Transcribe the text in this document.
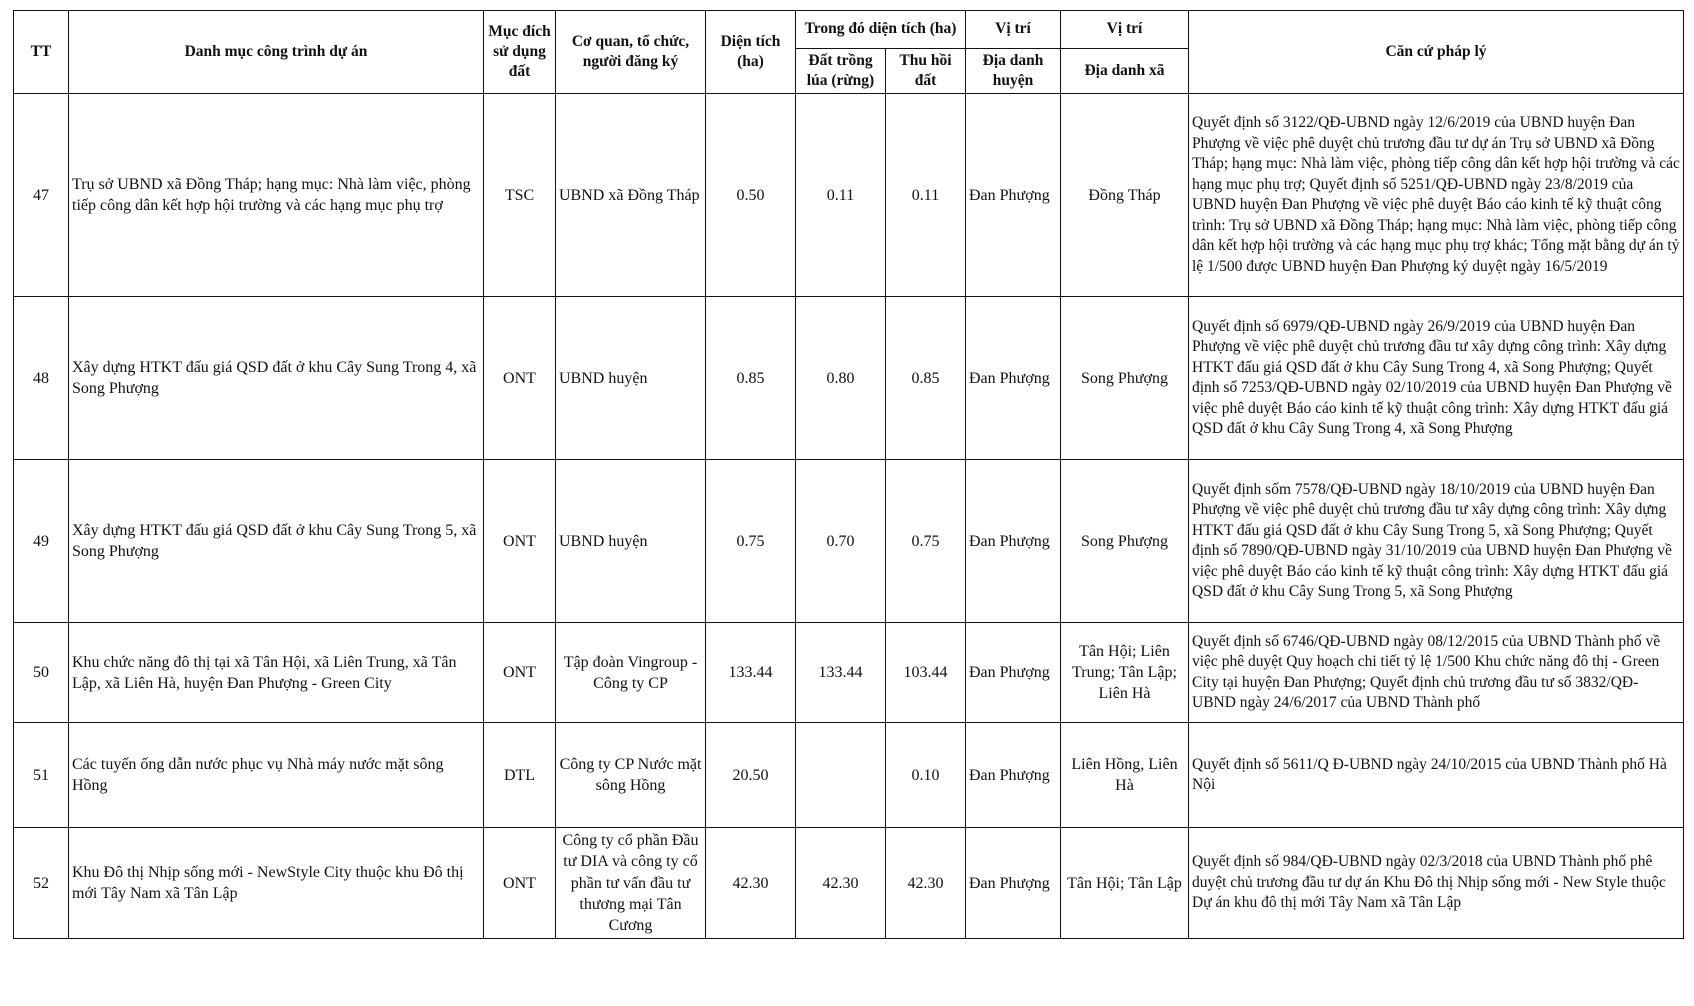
TT	Danh mục công trình dự án	Mục đích sử dụng đất	Cơ quan, tổ chức, người đăng ký	Diện tích (ha)	Trong đó diện tích (ha)		Vị trí	Vị trí	Căn cứ pháp lý
					Đất trồng lúa (rừng)	Thu hồi đất	Địa danh huyện	Địa danh xã	
47	Trụ sở UBND xã Đồng Tháp; hạng mục: Nhà làm việc, phòng tiếp công dân kết hợp hội trường và các hạng mục phụ trợ	TSC	UBND xã Đồng Tháp	0.50	0.11	0.11	Đan Phượng	Đồng Tháp	Quyết định số 3122/QĐ-UBND ngày 12/6/2019 của UBND huyện Đan Phượng về việc phê duyệt chủ trương đầu tư dự án Trụ sở UBND xã Đồng Tháp; hạng mục: Nhà làm việc, phòng tiếp công dân kết hợp hội trường và các hạng mục phụ trợ; Quyết định số 5251/QĐ-UBND ngày 23/8/2019 của UBND huyện Đan Phượng về việc phê duyệt Báo cáo kinh tế kỹ thuật công trình: Trụ sở UBND xã Đồng Tháp; hạng mục: Nhà làm việc, phòng tiếp công dân kết hợp hội trường và các hạng mục phụ trợ khác; Tổng mặt bằng dự án tỷ lệ 1/500 được UBND huyện Đan Phượng ký duyệt ngày 16/5/2019
48	Xây dựng HTKT đấu giá QSD đất ở khu Cây Sung Trong 4, xã Song Phượng	ONT	UBND huyện	0.85	0.80	0.85	Đan Phượng	Song Phượng	Quyết định số 6979/QĐ-UBND ngày 26/9/2019 của UBND huyện Đan Phượng về việc phê duyệt chủ trương đầu tư xây dựng công trình: Xây dựng HTKT đấu giá QSD đất ở khu Cây Sung Trong 4, xã Song Phượng; Quyết định số 7253/QĐ-UBND ngày 02/10/2019 của UBND huyện Đan Phượng về việc phê duyệt Báo cáo kinh tế kỹ thuật công trình: Xây dựng HTKT đấu giá QSD đất ở khu Cây Sung Trong 4, xã Song Phượng
49	Xây dựng HTKT đấu giá QSD đất ở khu Cây Sung Trong 5, xã Song Phượng	ONT	UBND huyện	0.75	0.70	0.75	Đan Phượng	Song Phượng	Quyết định sốm 7578/QĐ-UBND ngày 18/10/2019 của UBND huyện Đan Phượng về việc phê duyệt chủ trương đầu tư xây dựng công trình: Xây dựng HTKT đấu giá QSD đất ở khu Cây Sung Trong 5, xã Song Phượng; Quyết định số 7890/QĐ-UBND ngày 31/10/2019 của UBND huyện Đan Phượng về việc phê duyệt Báo cáo kinh tế kỹ thuật công trình: Xây dựng HTKT đấu giá QSD đất ở khu Cây Sung Trong 5, xã Song Phượng
50	Khu chức năng đô thị tại xã Tân Hội, xã Liên Trung, xã Tân Lập, xã Liên Hà, huyện Đan Phượng - Green City	ONT	Tập đoàn Vingroup - Công ty CP	133.44	133.44	103.44	Đan Phượng	Tân Hội; Liên Trung; Tân Lập; Liên Hà	Quyết định số 6746/QĐ-UBND ngày 08/12/2015 của UBND Thành phố về việc phê duyệt Quy hoạch chi tiết tỷ lệ 1/500 Khu chức năng đô thị - Green City tại huyện Đan Phượng; Quyết định chủ trương đầu tư số 3832/QĐ-UBND ngày 24/6/2017 của UBND Thành phố
51	Các tuyến ống dẫn nước phục vụ Nhà máy nước mặt sông Hồng	DTL	Công ty CP Nước mặt sông Hồng	20.50		0.10	Đan Phượng	Liên Hồng, Liên Hà	Quyết định số 5611/Q Đ-UBND ngày 24/10/2015 của UBND Thành phố Hà Nội
52	Khu Đô thị Nhịp sống mới - NewStyle City thuộc khu Đô thị mới Tây Nam xã Tân Lập	ONT	Công ty cổ phần Đầu tư DIA và công ty cổ phần tư vấn đầu tư thương mại Tân Cương	42.30	42.30	42.30	Đan Phượng	Tân Hội; Tân Lập	Quyết định số 984/QĐ-UBND ngày 02/3/2018 của UBND Thành phố phê duyệt chủ trương đầu tư dự án Khu Đô thị Nhịp sống mới - New Style thuộc Dự án khu đô thị mới Tây Nam xã Tân Lập
